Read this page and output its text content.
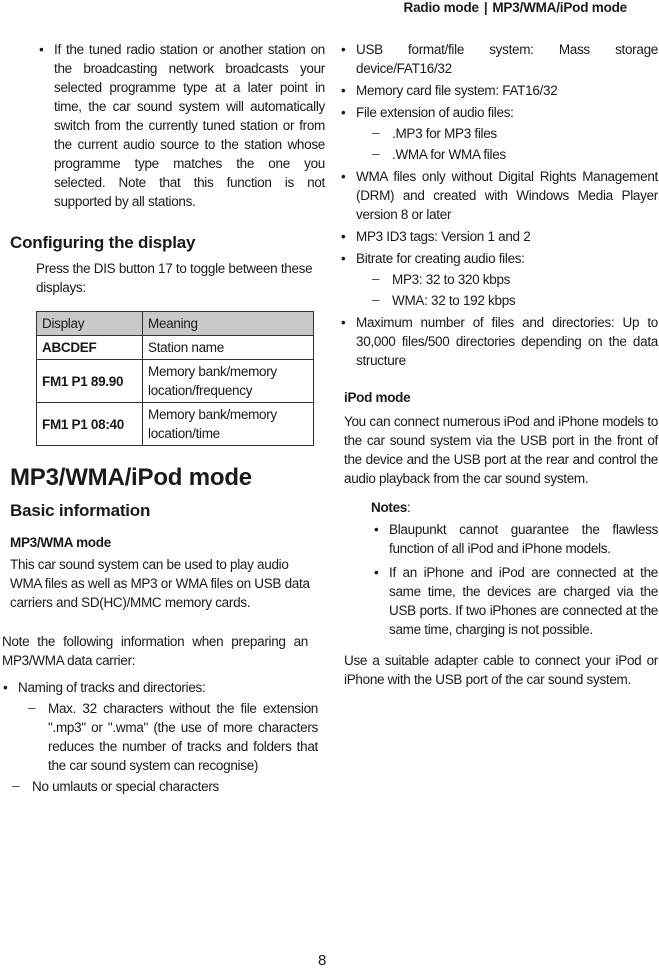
Radio mode | MP3/WMA/iPod mode

• If the tuned radio station or another station on the broadcasting network broadcasts your selected programme type at a later point in time, the car sound system will automatically switch from the currently tuned station or from the current audio source to the station whose programme type matches the one you selected. Note that this function is not supported by all stations.

Configuring the display

Press the DIS button 17 to toggle between these displays:

Display	Meaning
ABCDEF	Station name
FM1 P1 89.90	Memory bank/memory location/frequency
FM1 P1 08:40	Memory bank/memory location/time
MP3/WMA/iPod mode
Basic information
MP3/WMA mode

This car sound system can be used to play audio WMA files as well as MP3 or WMA files on USB data carriers and SD(HC)/MMC memory cards.

Note the following information when preparing an MP3/WMA data carrier:

• Naming of tracks and directories:

– Max. 32 characters without the file extension ".mp3" or ".wma" (the use of more characters reduces the number of tracks and folders that the car sound system can recognise)

– No umlauts or special characters

• USB format/file system: Mass storage device/FAT16/32

• Memory card file system: FAT16/32

• File extension of audio files:

– .MP3 for MP3 files

– .WMA for WMA files

• WMA files only without Digital Rights Management (DRM) and created with Windows Media Player version 8 or later

• MP3 ID3 tags: Version 1 and 2

• Bitrate for creating audio files:

– MP3: 32 to 320 kbps

– WMA: 32 to 192 kbps

• Maximum number of files and directories: Up to 30,000 files/500 directories depending on the data structure

iPod mode

You can connect numerous iPod and iPhone models to the car sound system via the USB port in the front of the device and the USB port at the rear and control the audio playback from the car sound system.

Notes:

• Blaupunkt cannot guarantee the flawless function of all iPod and iPhone models.

• If an iPhone and iPod are connected at the same time, the devices are charged via the USB ports. If two iPhones are connected at the same time, charging is not possible.

Use a suitable adapter cable to connect your iPod or iPhone with the USB port of the car sound system.

8
